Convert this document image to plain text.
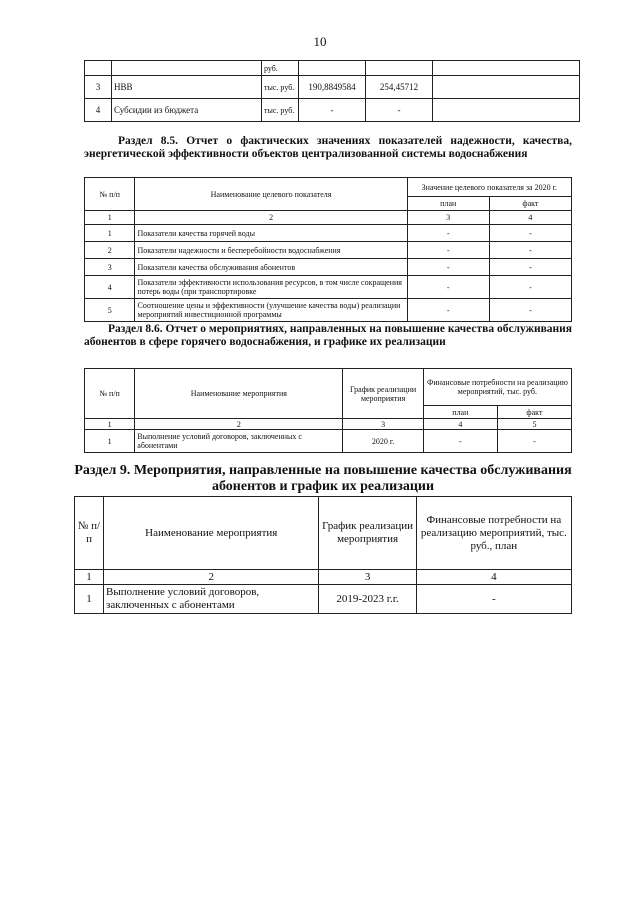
10
		руб.			
3	НВВ	тыс. руб.	190,8849584	254,45712	
4	Субсидии из бюджета	тыс. руб.	-	-	
Раздел 8.5. Отчет о фактических значениях показателей надежности, качества, энергетической эффективности объектов централизованной системы водоснабжения
№ п/п	Наименование целевого показателя	Значение целевого показателя за 2020 г.	
		план	факт
1	2	3	4
1	Показатели качества горячей воды	-	-
2	Показатели надежности и бесперебойности водоснабжения	-	-
3	Показатели качества обслуживания абонентов	-	-
4	Показатели эффективности использования ресурсов, в том числе сокращения потерь воды (при транспортировке	-	-
5	Соотношение цены и эффективности (улучшение качества воды) реализации мероприятий инвестиционной программы	-	-
Раздел 8.6. Отчет о мероприятиях, направленных на повышение качества обслуживания абонентов в сфере горячего водоснабжения, и графике их реализации
№ п/п	Наименование мероприятия	График реализации мероприятия	Финансовые потребности на реализацию мероприятий, тыс. руб.	
			план	факт
1	2	3	4	5
1	Выполнение условий договоров, заключенных с абонентами	2020 г.	-	-
Раздел 9. Мероприятия, направленные на повышение качества обслуживания абонентов и график их реализации
№ п/ п	Наименование мероприятия	График реализации мероприятия	Финансовые потребности на реализацию мероприятий, тыс. руб., план
1	2	3	4
1	Выполнение условий договоров, заключенных с абонентами	2019-2023 г.г.	-
